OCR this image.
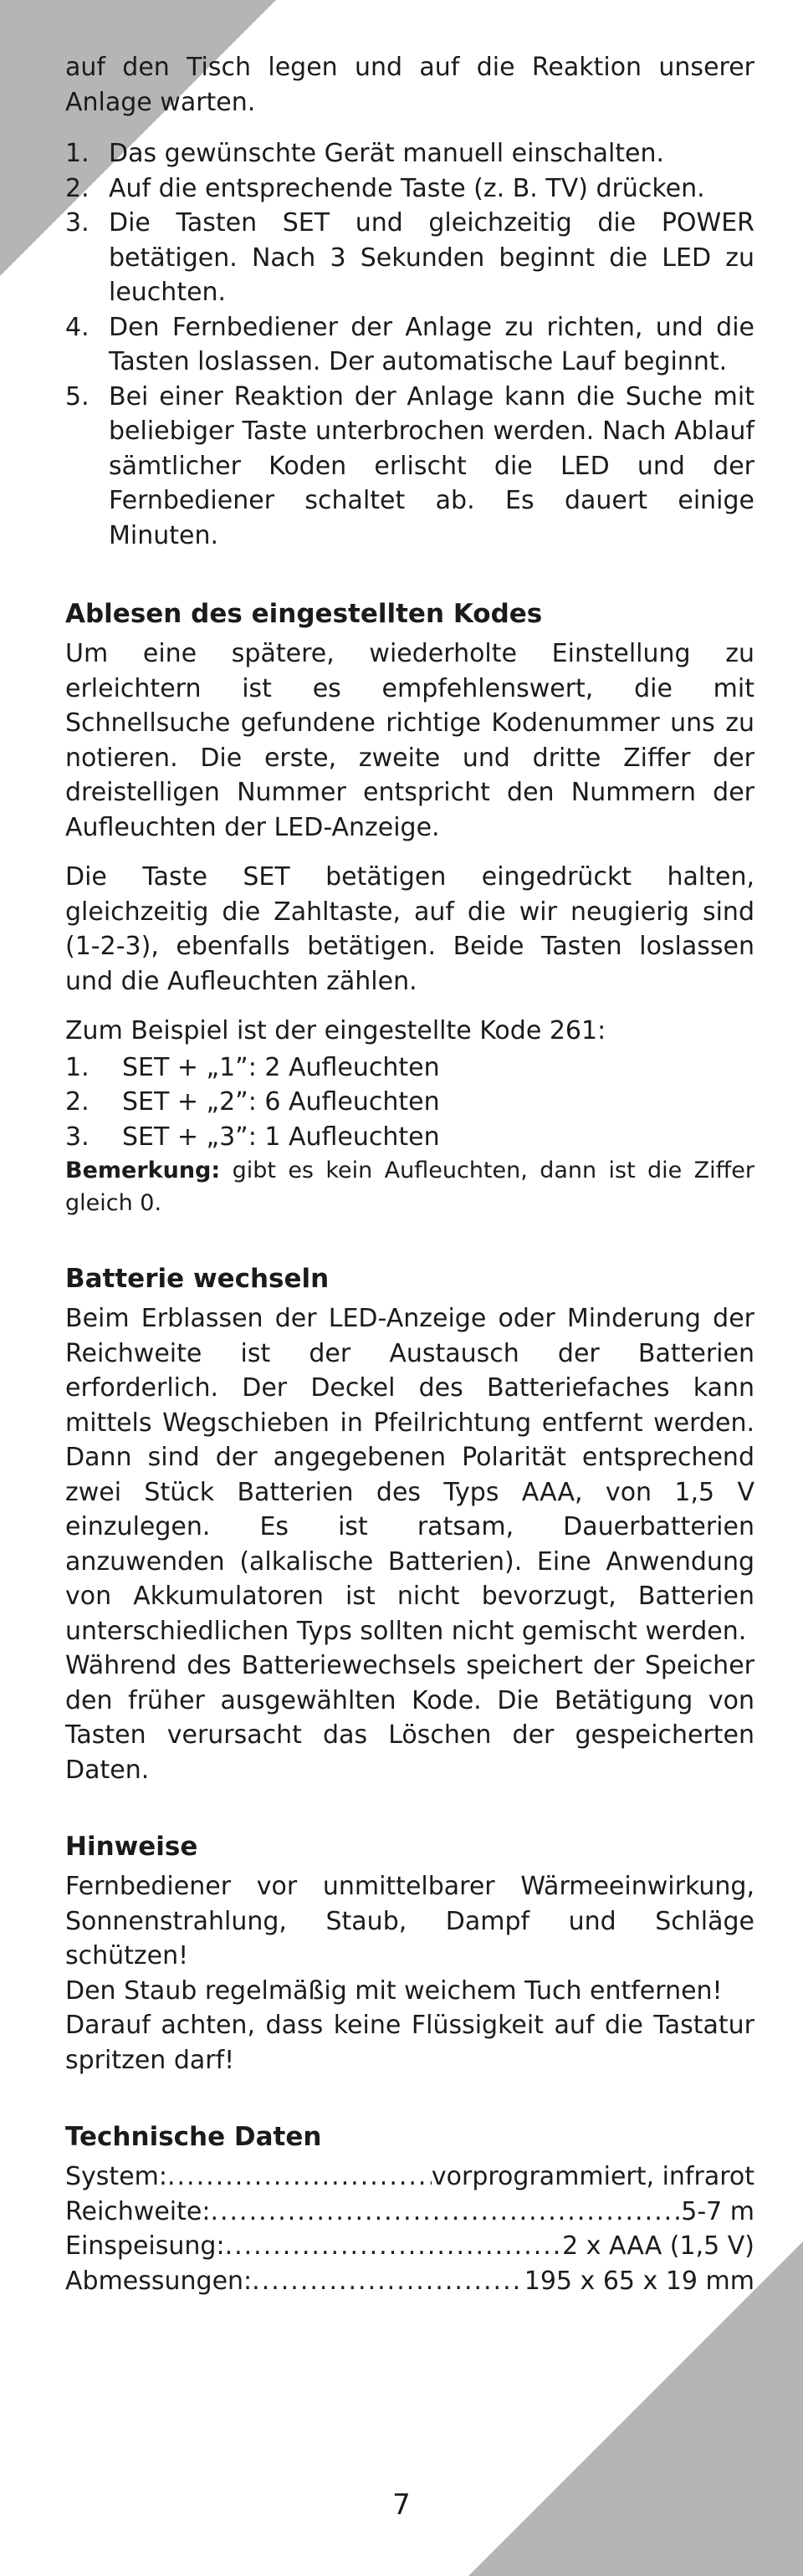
auf den Tisch legen und auf die Reaktion unserer Anlage warten.

1. Das gewünschte Gerät manuell einschalten.
2. Auf die entsprechende Taste (z. B. TV) drücken.
3. Die Tasten SET und gleichzeitig die POWER betätigen. Nach 3 Sekunden beginnt die LED zu leuchten.
4. Den Fernbediener der Anlage zu richten, und die Tasten loslassen. Der automatische Lauf beginnt.
5. Bei einer Reaktion der Anlage kann die Suche mit beliebiger Taste unterbrochen werden. Nach Ablauf sämtlicher Koden erlischt die LED und der Fernbediener schaltet ab. Es dauert einige Minuten.
Ablesen des eingestellten Kodes

Um eine spätere, wiederholte Einstellung zu erleichtern ist es empfehlenswert, die mit Schnellsuche gefundene richtige Kodenummer uns zu notieren. Die erste, zweite und dritte Ziffer der dreistelligen Nummer entspricht den Nummern der Aufleuchten der LED-Anzeige.

Die Taste SET betätigen eingedrückt halten, gleichzeitig die Zahltaste, auf die wir neugierig sind (1-2-3), ebenfalls betätigen. Beide Tasten loslassen und die Aufleuchten zählen.

Zum Beispiel ist der eingestellte Kode 261:

1.	SET + „1”: 2 Aufleuchten
2.	SET + „2”: 6 Aufleuchten
3.	SET + „3”: 1 Aufleuchten

Bemerkung: gibt es kein Aufleuchten, dann ist die Ziffer gleich 0.

Batterie wechseln

Beim Erblassen der LED-Anzeige oder Minderung der Reichweite ist der Austausch der Batterien erforderlich. Der Deckel des Batteriefaches kann mittels Wegschieben in Pfeilrichtung entfernt werden. Dann sind der angegebenen Polarität entsprechend zwei Stück Batterien des Typs AAA, von 1,5 V einzulegen. Es ist ratsam, Dauerbatterien anzuwenden (alkalische Batterien). Eine Anwendung von Akkumulatoren ist nicht bevorzugt, Batterien unterschiedlichen Typs sollten nicht gemischt werden.

Während des Batteriewechsels speichert der Speicher den früher ausgewählten Kode. Die Betätigung von Tasten verursacht das Löschen der gespeicherten Daten.

Hinweise

Fernbediener vor unmittelbarer Wärmeeinwirkung, Sonnenstrahlung, Staub, Dampf und Schläge schützen!

Den Staub regelmäßig mit weichem Tuch entfernen!

Darauf achten, dass keine Flüssigkeit auf die Tastatur spritzen darf!

Technische Daten
System: .....	vorprogrammiert, infrarot
Reichweite: .....	5-7 m
Einspeisung: .....	2 x AAA (1,5 V)
Abmessungen: .....	195 x 65 x 19 mm
7
